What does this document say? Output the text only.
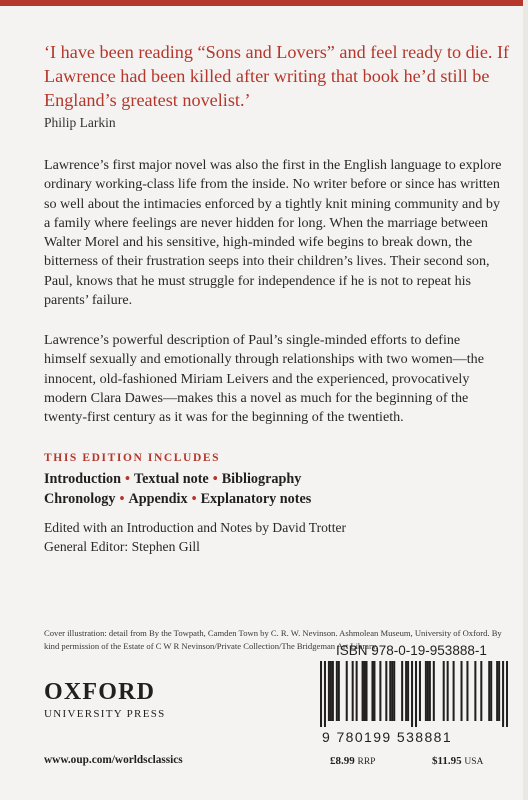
‘I have been reading “Sons and Lovers” and feel ready to die. If Lawrence had been killed after writing that book he’d still be England’s greatest novelist.’
Philip Larkin
Lawrence’s first major novel was also the first in the English language to explore ordinary working-class life from the inside. No writer before or since has written so well about the intimacies enforced by a tightly knit mining community and by a family where feelings are never hidden for long. When the marriage between Walter Morel and his sensitive, high-minded wife begins to break down, the bitterness of their frustration seeps into their children’s lives. Their second son, Paul, knows that he must struggle for independence if he is not to repeat his parents’ failure.
Lawrence’s powerful description of Paul’s single-minded efforts to define himself sexually and emotionally through relationships with two women—the innocent, old-fashioned Miriam Leivers and the experienced, provocatively modern Clara Dawes—makes this a novel as much for the beginning of the twenty-first century as it was for the beginning of the twentieth.
THIS EDITION INCLUDES
Introduction • Textual note • Bibliography
Chronology • Appendix • Explanatory notes
Edited with an Introduction and Notes by David Trotter
General Editor: Stephen Gill
Cover illustration: detail from By the Towpath, Camden Town by C. R. W. Nevinson. Ashmolean Museum, University of Oxford. By kind permission of the Estate of C W R Nevinson/Private Collection/The Bridgeman Art Library.
OXFORD
UNIVERSITY PRESS
www.oup.com/worldsclassics
ISBN 978-0-19-953888-1
9 780199 538881
£8.99 RRP	$11.95 USA
